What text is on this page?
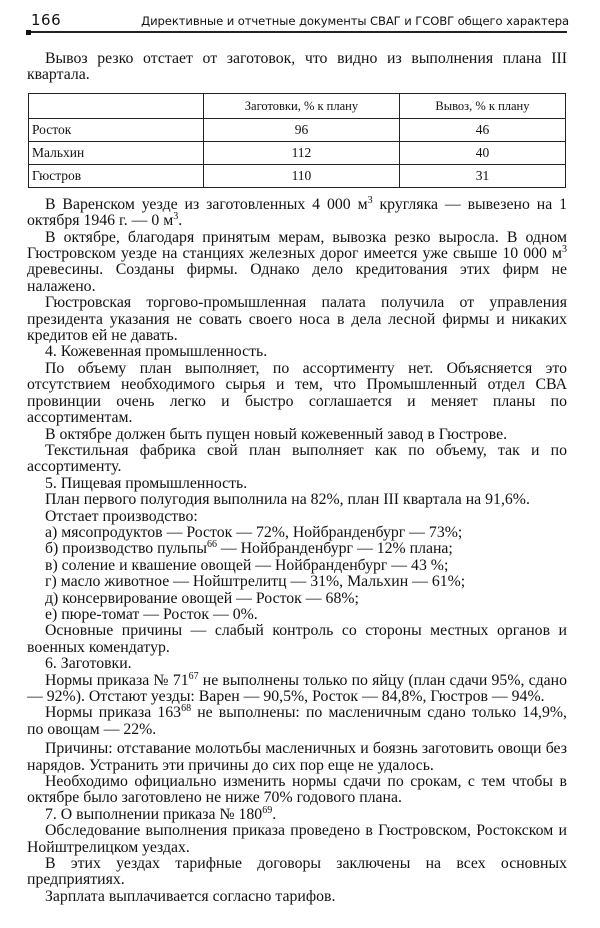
166	Директивные и отчетные документы СВАГ и ГСОВГ общего характера

Вывоз резко отстает от заготовок, что видно из выполнения плана III квартала.

	Заготовки, % к плану	Вывоз, % к плану
Росток	96	46
Мальхин	112	40
Гюстров	110	31

В Варенском уезде из заготовленных 4 000 $м^3$ кругляка — вывезено на 1 октября 1946 г. — 0 $м^3$.

В октябре, благодаря принятым мерам, вывозка резко выросла. В одном Гюстровском уезде на станциях железных дорог имеется уже свыше 10 000 $м^3$ древесины. Созданы фирмы. Однако дело кредитования этих фирм не налажено.

Гюстровская торгово-промышленная палата получила от управления президента указания не совать своего носа в дела лесной фирмы и никаких кредитов ей не давать.

4. Кожевенная промышленность.

По объему план выполняет, по ассортименту нет. Объясняется это отсутствием необходимого сырья и тем, что Промышленный отдел СВА провинции очень легко и быстро соглашается и меняет планы по ассортиментам.

В октябре должен быть пущен новый кожевенный завод в Гюстрове.

Текстильная фабрика свой план выполняет как по объему, так и по ассортименту.

5. Пищевая промышленность.

План первого полугодия выполнила на 82%, план III квартала на 91,6%.

Отстает производство:

а) мясопродуктов — Росток — 72%, Нойбранденбург — 73%;

б) производство пульпы$^{66}$ — Нойбранденбург — 12% плана;

в) соление и квашение овощей — Нойбранденбург — 43 %;

г) масло животное — Нойштрелитц — 31%, Мальхин — 61%;

д) консервирование овощей — Росток — 68%;

е) пюре-томат — Росток — 0%.

Основные причины — слабый контроль со стороны местных органов и военных комендатур.

6. Заготовки.

Нормы приказа № $71^{67}$ не выполнены только по яйцу (план сдачи 95%, сдано — 92%). Отстают уезды: Варен — 90,5%, Росток — 84,8%, Гюстров — 94%.

Нормы приказа $163^{68}$ не выполнены: по масленичным сдано только 14,9%, по овощам — 22%.

Причины: отставание молотьбы масленичных и боязнь заготовить овощи без нарядов. Устранить эти причины до сих пор еще не удалось.

Необходимо официально изменить нормы сдачи по срокам, с тем чтобы в октябре было заготовлено не ниже 70% годового плана.

7. О выполнении приказа № $180^{69}$.

Обследование выполнения приказа проведено в Гюстровском, Ростокском и Нойштрелицком уездах.

В этих уездах тарифные договоры заключены на всех основных предприятиях.

Зарплата выплачивается согласно тарифов.
